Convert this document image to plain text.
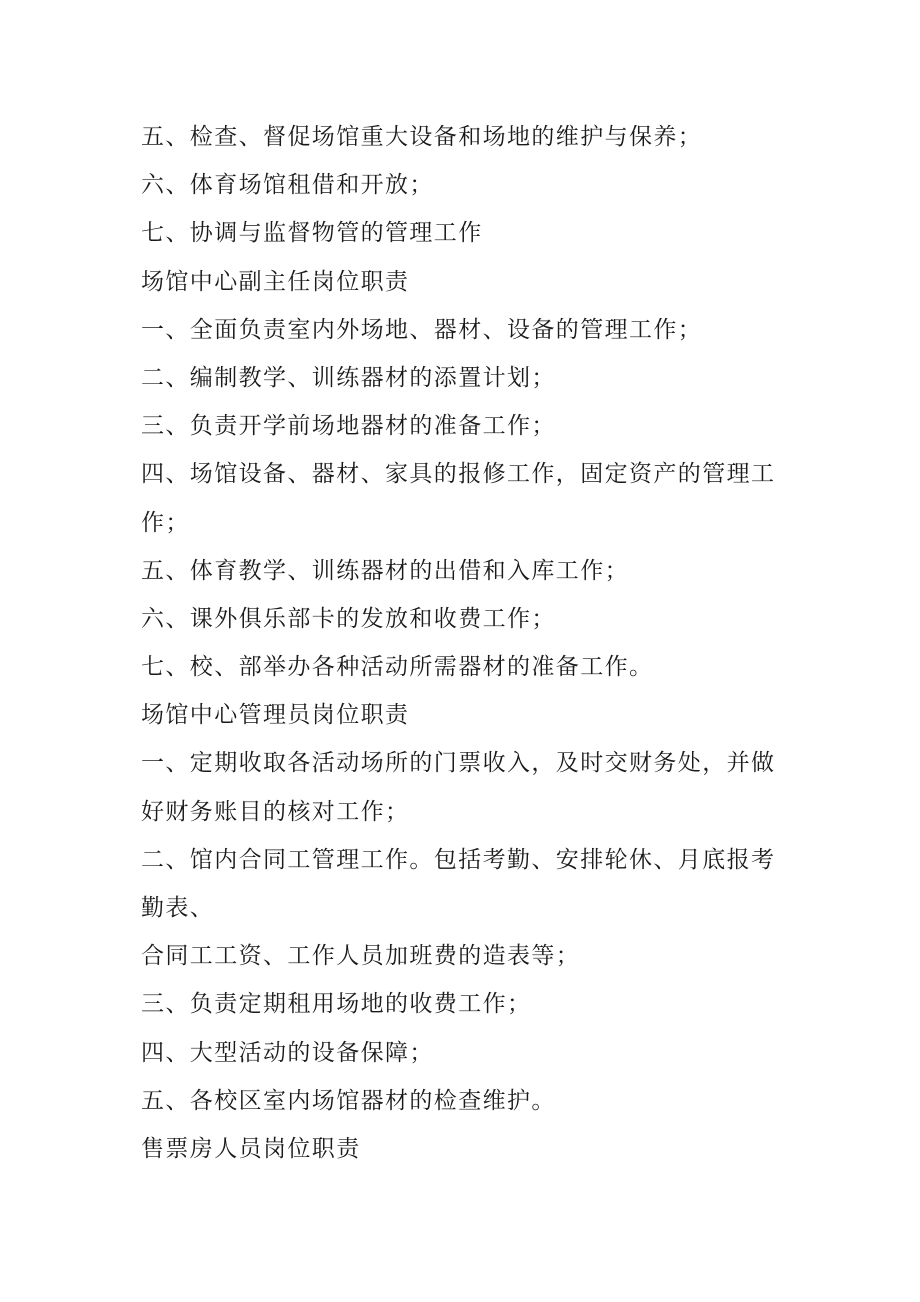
五、检查、督促场馆重大设备和场地的维护与保养；
六、体育场馆租借和开放；
七、协调与监督物管的管理工作
场馆中心副主任岗位职责
一、全面负责室内外场地、器材、设备的管理工作；
二、编制教学、训练器材的添置计划；
三、负责开学前场地器材的准备工作；
四、场馆设备、器材、家具的报修工作，固定资产的管理工
作；
五、体育教学、训练器材的出借和入库工作；
六、课外俱乐部卡的发放和收费工作；
七、校、部举办各种活动所需器材的准备工作。
场馆中心管理员岗位职责
一、定期收取各活动场所的门票收入，及时交财务处，并做
好财务账目的核对工作；
二、馆内合同工管理工作。包括考勤、安排轮休、月底报考
勤表、
合同工工资、工作人员加班费的造表等；
三、负责定期租用场地的收费工作；
四、大型活动的设备保障；
五、各校区室内场馆器材的检查维护。
售票房人员岗位职责
